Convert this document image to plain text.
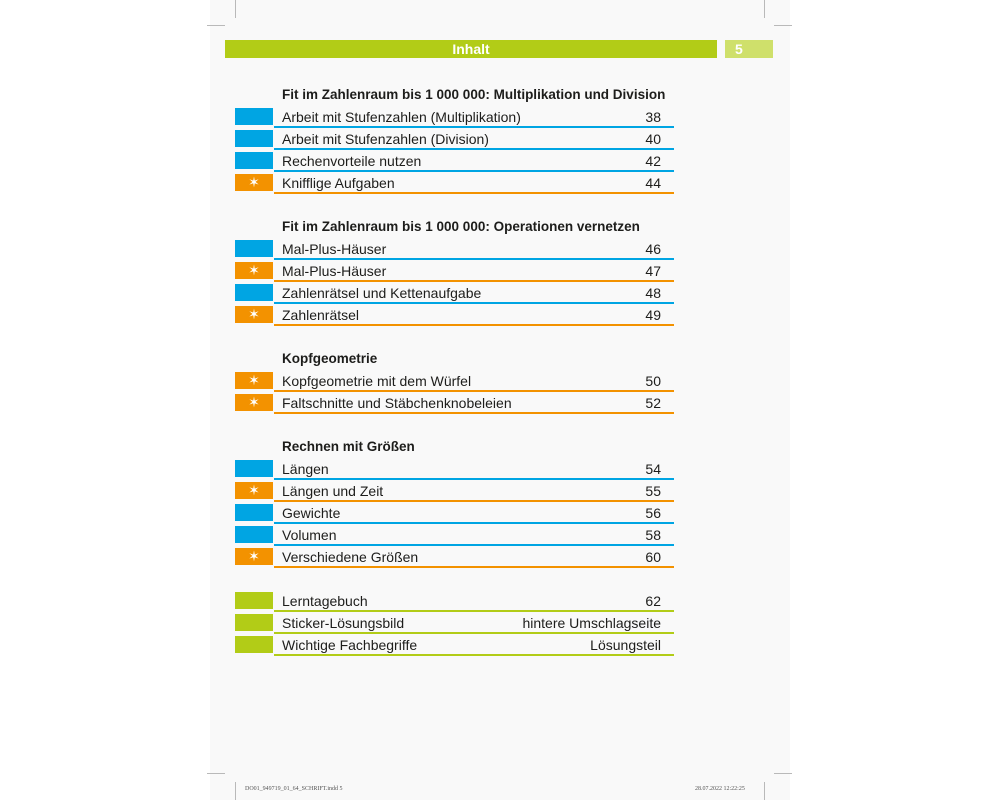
Inhalt	5
Fit im Zahlenraum bis 1 000 000: Multiplikation und Division
Arbeit mit Stufenzahlen (Multiplikation)	38
Arbeit mit Stufenzahlen (Division)	40
Rechenvorteile nutzen	42
✶	Knifflige Aufgaben	44
Fit im Zahlenraum bis 1 000 000: Operationen vernetzen
Mal-Plus-Häuser	46
✶	Mal-Plus-Häuser	47
Zahlenrätsel und Kettenaufgabe	48
✶	Zahlenrätsel	49
Kopfgeometrie
✶	Kopfgeometrie mit dem Würfel	50
✶	Faltschnitte und Stäbchenknobeleien	52
Rechnen mit Größen
Längen	54
✶	Längen und Zeit	55
Gewichte	56
Volumen	58
✶	Verschiedene Größen	60
Lerntagebuch	62
Sticker-Lösungsbild	hintere Umschlagseite
Wichtige Fachbegriffe	Lösungsteil
DO01_949719_01_64_SCHRIFT.indd 5	28.07.2022 12:22:25
